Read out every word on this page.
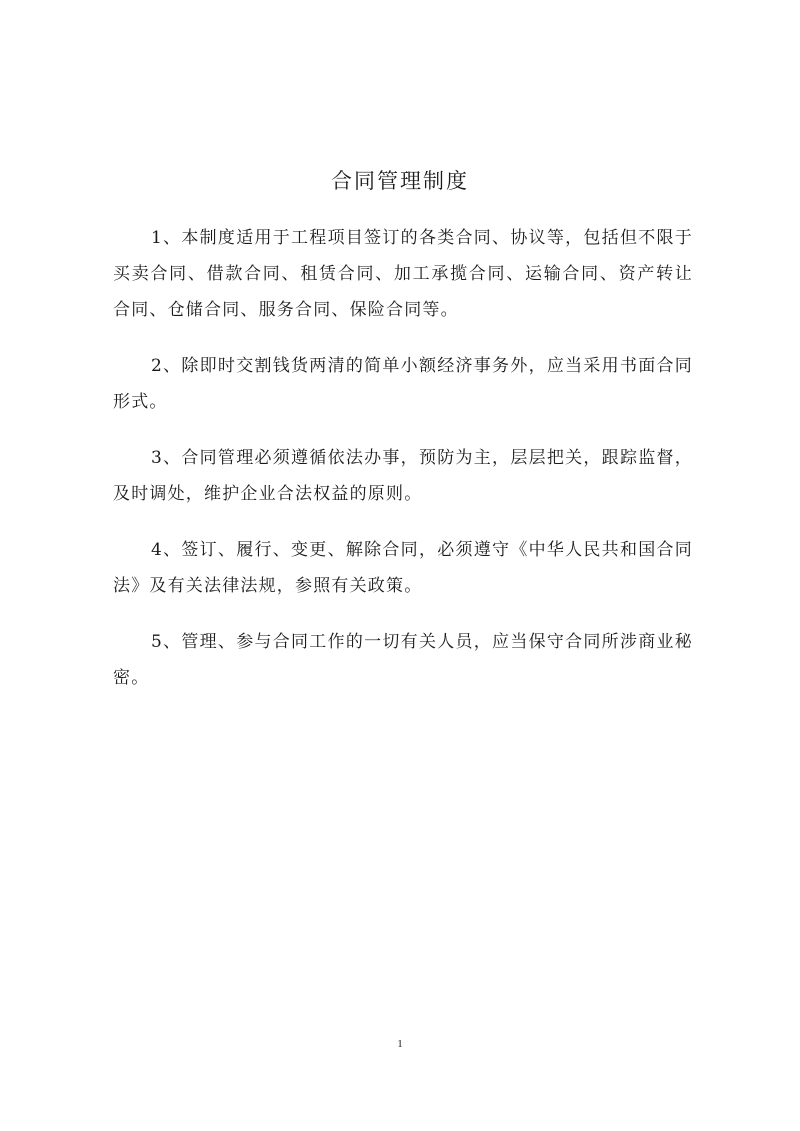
合同管理制度

1、本制度适用于工程项目签订的各类合同、协议等，包括但不限于买卖合同、借款合同、租赁合同、加工承揽合同、运输合同、资产转让合同、仓储合同、服务合同、保险合同等。

2、除即时交割钱货两清的简单小额经济事务外，应当采用书面合同形式。

3、合同管理必须遵循依法办事，预防为主，层层把关，跟踪监督，及时调处，维护企业合法权益的原则。

4、签订、履行、变更、解除合同，必须遵守《中华人民共和国合同法》及有关法律法规，参照有关政策。

5、管理、参与合同工作的一切有关人员，应当保守合同所涉商业秘密。

1
